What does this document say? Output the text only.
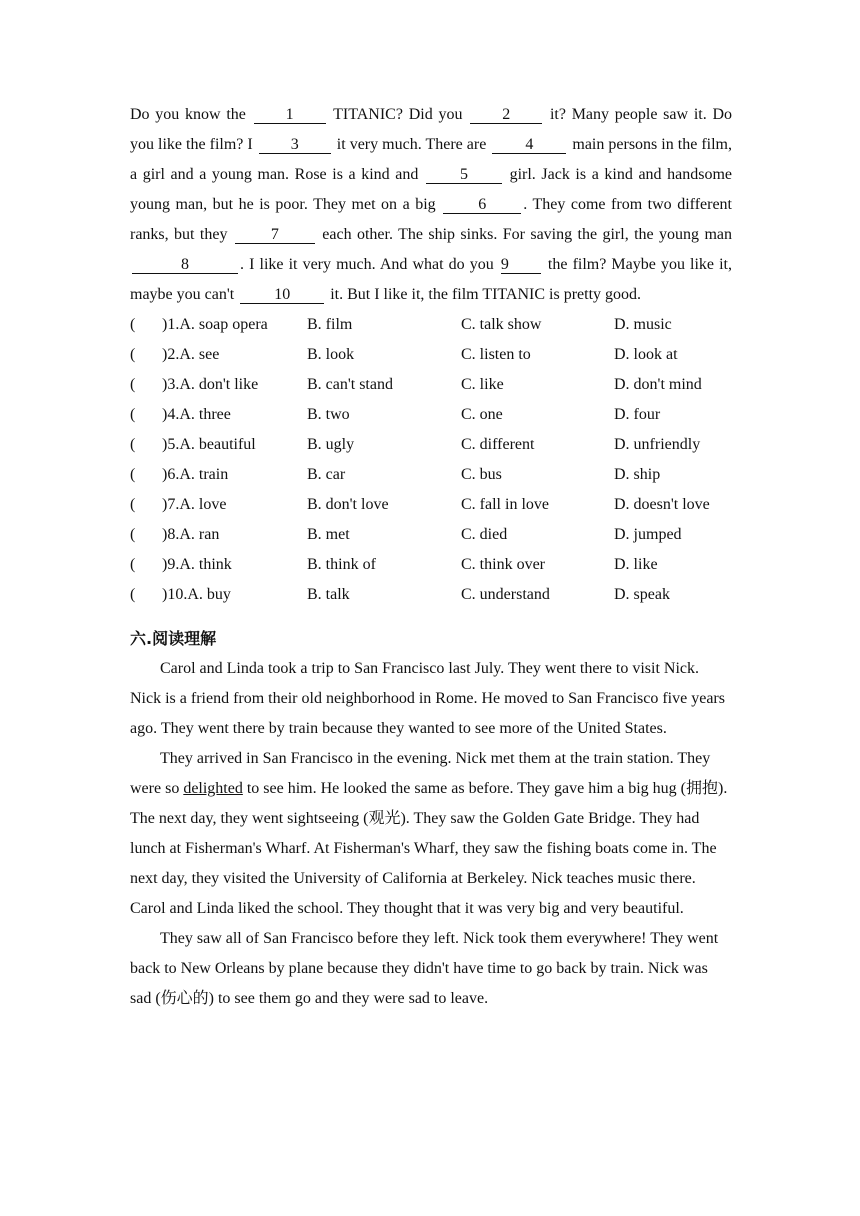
Do you know the 1 TITANIC? Did you 2 it? Many people saw it. Do you like the film? I 3 it very much. There are 4 main persons in the film, a girl and a young man. Rose is a kind and 5 girl. Jack is a kind and handsome young man, but he is poor. They met on a big 6 . They come from two different ranks, but they 7 each other. The ship sinks. For saving the girl, the young man 8	. I like it very much. And what do you 9 the film? Maybe you like it, maybe you can't 10 it. But I like it, the film TITANIC is pretty good.

( )1.A. soap opera B. film	C. talk show	D. music
( )2.A. see	B. look	C. listen to	D. look at
( )3.A. don't like	B. can't stand	C. like	D. don't mind
( )4.A. three	B. two	C. one	D. four
( )5.A. beautiful	B. ugly	C. different	D. unfriendly
( )6.A. train	B. car	C. bus	D. ship
( )7.A. love	B. don't love	C. fall in love	D. doesn't love
( )8.A. ran	B. met	C. died	D. jumped
( )9.A. think	B. think of	C. think over	D. like
( )10.A. buy	B. talk	C. understand	D. speak
六.阅读理解

Carol and Linda took a trip to San Francisco last July. They went there to visit Nick. Nick is a friend from their old neighborhood in Rome. He moved to San Francisco five years ago. They went there by train because they wanted to see more of the United States.

They arrived in San Francisco in the evening. Nick met them at the train station. They were so delighted to see him. He looked the same as before. They gave him a big hug (拥抱). The next day, they went sightseeing (观光). They saw the Golden Gate Bridge. They had lunch at Fisherman's Wharf. At Fisherman's Wharf, they saw the fishing boats come in. The next day, they visited the University of California at Berkeley. Nick teaches music there. Carol and Linda liked the school. They thought that it was very big and very beautiful.

They saw all of San Francisco before they left. Nick took them everywhere! They went back to New Orleans by plane because they didn't have time to go back by train. Nick was sad (伤心的) to see them go and they were sad to leave.
